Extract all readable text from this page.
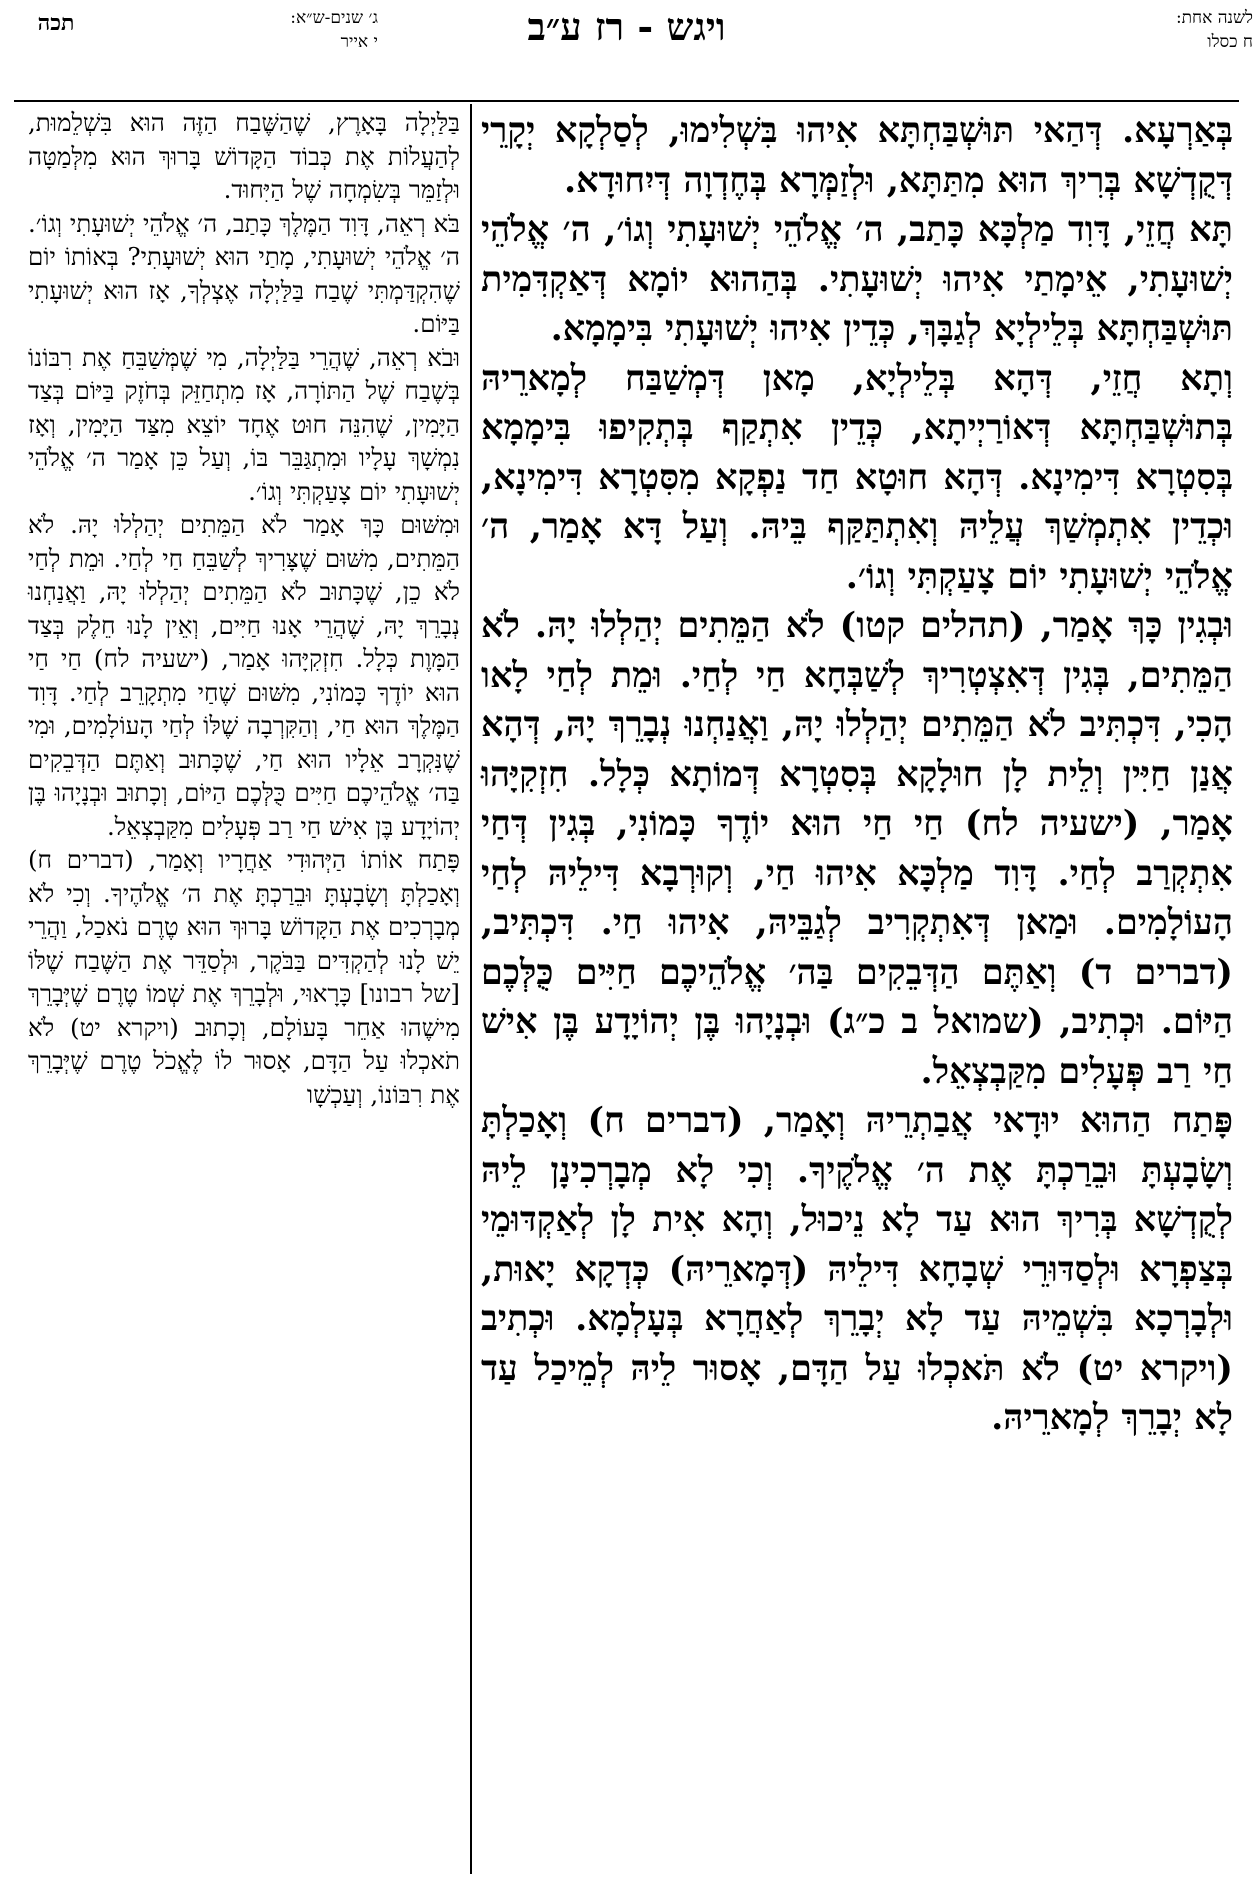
לשנה אחת:
ח כסלו
ויגש - רז ע״ב
ג׳ שנים-ש״א:
י אייר
תכה

בְּאַרְעָא. דְּהַאי תּוּשְׁבַּחְתָּא אִיהוּ בִּשְׁלִימוּ, לְסַלְקָא יְקָרֵי דְּקֻדְשָׁא בְּרִיךְ הוּא מִתַּתָּא, וּלְזַמְּרָא בְּחֶדְוָה דְּיִחוּדָא.

תָּא חֲזֵי, דָּוִד מַלְכָּא כָּתַב, ה׳ אֱלֹהֵי יְשׁוּעָתִי וְגוֹ׳, ה׳ אֱלֹהֵי יְשׁוּעָתִי, אֵימָתַי אִיהוּ יְשׁוּעָתִי. בְּהַהוּא יוֹמָא דְּאַקְדִּמִית תּוּשְׁבַּחְתָּא בְּלֵילְיָא לְגַבָּךְ, כְּדֵין אִיהוּ יְשׁוּעָתִי בִּימָמָא.

וְתָא חֲזֵי, דְּהָא בְּלֵילְיָא, מָאן דְּמְשַׁבַּח לְמָארֵיהּ בְּתוּשְׁבַּחְתָּא דְּאוֹרַיְיתָא, כְּדֵין אִתְקַף בְּתְקִיפוּ בִּימָמָא בְּסִטְרָא דִּימִינָא. דְּהָא חוּטָא חַד נַפְקָא מִסִּטְרָא דִּימִינָא, וּכְדֵין אִתְמְשַׁךְ עֲלֵיהּ וְאִתְתַּקַּף בֵּיהּ. וְעַל דָּא אָמַר, ה׳ אֱלֹהֵי יְשׁוּעָתִי יוֹם צָעַקְתִּי וְגוֹ׳.

וּבְגִין כָּךְ אָמַר, (תהלים קטו) לֹא הַמֵּתִים יְהַלְלוּ יָהּ. לֹא הַמֵּתִים, בְּגִין דְּאִצְטְרִיךְ לְשַׁבְּחָא חַי לְחַי. וּמֵת לְחַי לָאו הָכִי, דִּכְתִּיב לֹא הַמֵּתִים יְהַלְלוּ יָהּ, וַאֲנַחְנוּ נְבָרֵךְ יָהּ, דְּהָא אֲנַן חַיִּין וְלֵית לָן חוּלָקָא בְּסִטְרָא דְּמוֹתָא כְּלָל. חִזְקִיָּהוּ אָמַר, (ישעיה לח) חַי חַי הוּא יוֹדֶךָ כָּמוֹנִי, בְּגִין דְּחַי אִתְקְרַב לְחַי. דָּוִד מַלְכָּא אִיהוּ חַי, וְקוּרְבָא דִּילֵיהּ לְחַי הָעוֹלָמִים. וּמַאן דְּאִתְקְרִיב לְגַבֵּיהּ, אִיהוּ חַי. דִּכְתִּיב, (דברים ד) וְאַתֶּם הַדְּבֵקִים בַּה׳ אֱלֹהֵיכֶם חַיִּים כֻּלְּכֶם הַיּוֹם. וּכְתִיב, (שמואל ב כ״ג) וּבְנָיָהוּ בֶּן יְהוֹיָדָע בֶּן אִישׁ חַי רַב פְּעָלִים מִקַּבְצְאֵל.

פָּתַח הַהוּא יוּדָאי אֲבַתְרֵיהּ וְאָמַר, (דברים ח) וְאָכַלְתָּ וְשָׂבָעְתָּ וּבֵרַכְתָּ אֶת ה׳ אֱלֹקֶיךָ. וְכִי לָא מְבָרְכִינָן לֵיהּ לְקֻדְשָׁא בְּרִיךְ הוּא עַד לָא נֵיכוּל, וְהָא אִית לָן לְאַקְדּוּמֵי בְּצַפְרָא וּלְסַדּוּרֵי שְׁבָחָא דִּילֵיהּ (דְּמָארֵיהּ) כְּדְקָא יָאוּת, וּלְבָרְכָא בִּשְׁמֵיהּ עַד לָא יְבָרֵךְ לְאַחֲרָא בְּעָלְמָא. וּכְתִיב (ויקרא יט) לֹא תֹּאכְלוּ עַל הַדָּם, אָסוּר לֵיהּ לְמֵיכַל עַד לָא יְבָרֵךְ לְמָארֵיהּ.

בַּלַּיְלָה בָּאָרֶץ, שֶׁהַשֶּׁבַח הַזֶּה הוּא בִּשְׁלֵמוּת, לְהַעֲלוֹת אֶת כְּבוֹד הַקָּדוֹשׁ בָּרוּךְ הוּא מִלְּמַטָּה וּלְזַמֵּר בְּשִׂמְחָה שֶׁל הַיִּחוּד.

בֹּא רְאֵה, דָּוִד הַמֶּלֶךְ כָּתַב, ה׳ אֱלֹהֵי יְשׁוּעָתִי וְגוֹ׳. ה׳ אֱלֹהֵי יְשׁוּעָתִי, מָתַי הוּא יְשׁוּעָתִי? בְּאוֹתוֹ יוֹם שֶׁהִקְדַּמְתִּי שֶׁבַח בַּלַּיְלָה אֶצְלְךָ, אָז הוּא יְשׁוּעָתִי בַּיּוֹם.

וּבֹא רְאֵה, שֶׁהֲרֵי בַּלַּיְלָה, מִי שֶׁמְּשַׁבֵּחַ אֶת רִבּוֹנוֹ בְּשֶׁבַח שֶׁל הַתּוֹרָה, אָז מִתְחַזֵּק בְּחֹזֶק בַּיּוֹם בְּצַד הַיָּמִין, שֶׁהִנֵּה חוּט אֶחָד יוֹצֵא מִצַּד הַיָּמִין, וְאָז נִמְשָׁךְ עָלָיו וּמִתְגַּבֵּר בּוֹ, וְעַל כֵּן אָמַר ה׳ אֱלֹהֵי יְשׁוּעָתִי יוֹם צָעַקְתִּי וְגוֹ׳.

וּמִשּׁוּם כָּךְ אָמַר לֹא הַמֵּתִים יְהַלְלוּ יָהּ. לֹא הַמֵּתִים, מִשּׁוּם שֶׁצָּרִיךְ לְשַׁבֵּחַ חַי לְחַי. וּמֵת לְחַי לֹא כֵן, שֶׁכָּתוּב לֹא הַמֵּתִים יְהַלְלוּ יָהּ, וַאֲנַחְנוּ נְבָרֵךְ יָהּ, שֶׁהֲרֵי אָנוּ חַיִּים, וְאֵין לָנוּ חֵלֶק בְּצַד הַמָּוֶת כְּלָל. חִזְקִיָּהוּ אָמַר, (ישעיה לח) חַי חַי הוּא יוֹדֶךָ כָּמוֹנִי, מִשּׁוּם שֶׁחַי מִתְקָרֵב לְחַי. דָּוִד הַמֶּלֶךְ הוּא חַי, וְהַקִּרְבָה שֶׁלּוֹ לְחַי הָעוֹלָמִים, וּמִי שֶׁנִּקְרָב אֵלָיו הוּא חַי, שֶׁכָּתוּב וְאַתֶּם הַדְּבֵקִים בַּה׳ אֱלֹהֵיכֶם חַיִּים כֻּלְּכֶם הַיּוֹם, וְכָתוּב וּבְנָיָהוּ בֶּן יְהוֹיָדָע בֶּן אִישׁ חַי רַב פְּעָלִים מִקַּבְצְאֵל.

פָּתַח אוֹתוֹ הַיְּהוּדִי אַחֲרָיו וְאָמַר, (דברים ח) וְאָכַלְתָּ וְשָׂבָעְתָּ וּבֵרַכְתָּ אֶת ה׳ אֱלֹהֶיךָ. וְכִי לֹא מְבָרְכִים אֶת הַקָּדוֹשׁ בָּרוּךְ הוּא טֶרֶם נֹאכַל, וַהֲרֵי יֵשׁ לָנוּ לְהַקְדִּים בַּבֹּקֶר, וּלְסַדֵּר אֶת הַשֶּׁבַח שֶׁלּוֹ [של רבונו] כָּרָאוּי, וּלְבָרֵךְ אֶת שְׁמוֹ טֶרֶם שֶׁיְּבָרֵךְ מִישֶׁהוּ אַחֵר בָּעוֹלָם, וְכָתוּב (ויקרא יט) לֹא תֹאכְלוּ עַל הַדָּם, אָסוּר לוֹ לֶאֱכֹל טֶרֶם שֶׁיְּבָרֵךְ אֶת רִבּוֹנוֹ, וְעַכְשָׁו
